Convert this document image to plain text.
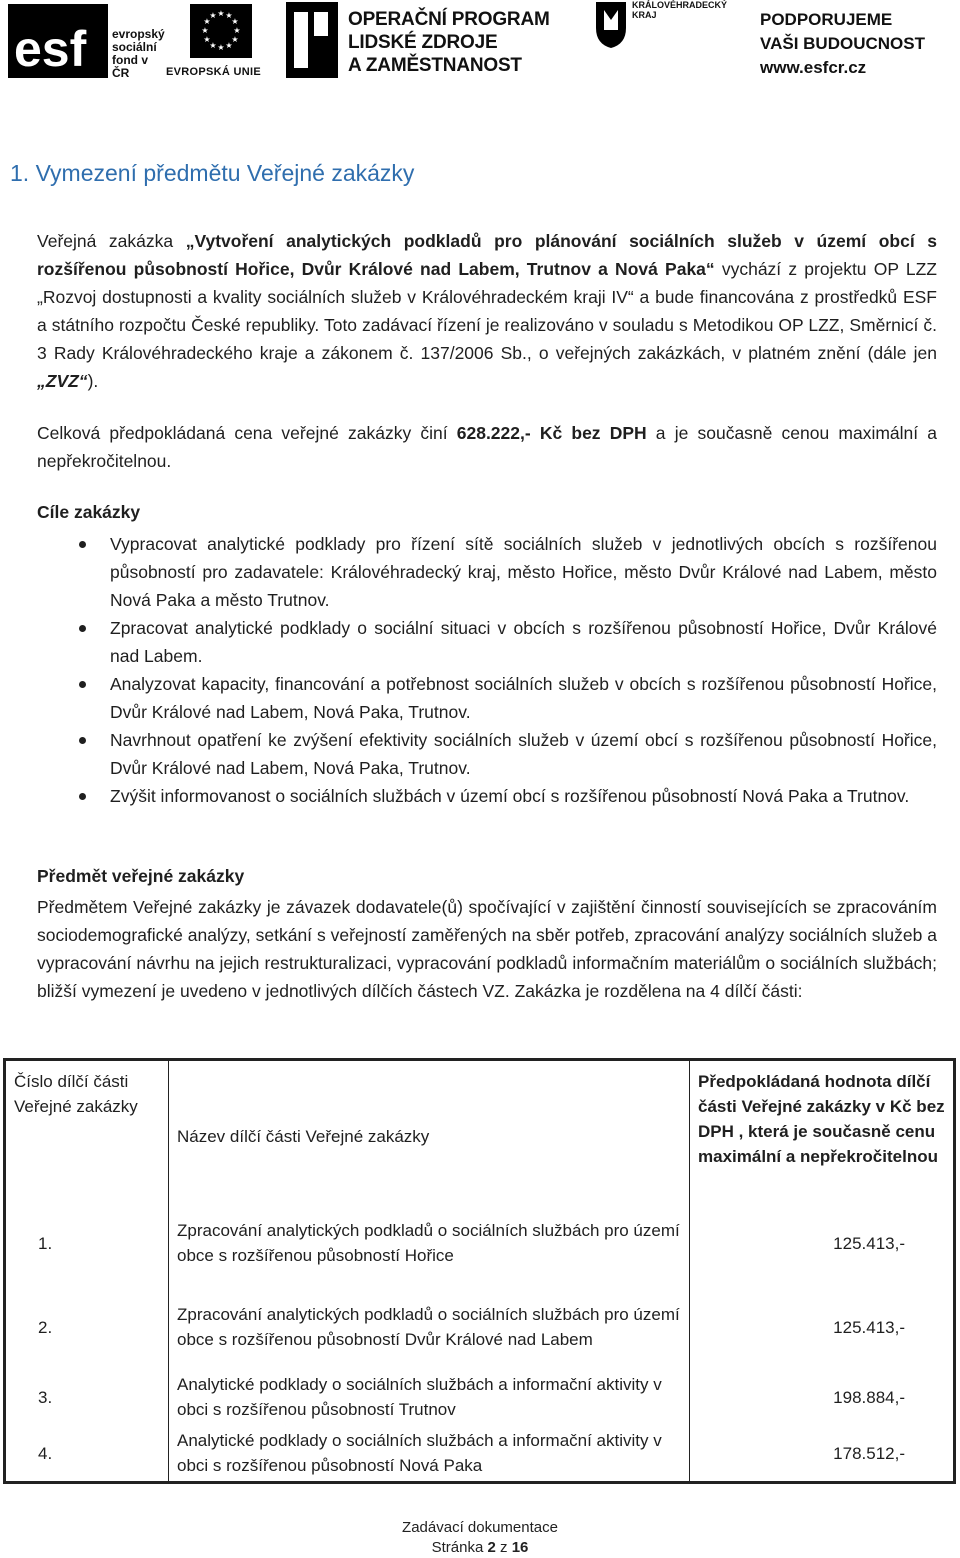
esf evropský
sociální
fond v ČR
★ ★
★
★
★
★
★
★
★
★
★
★
EVROPSKÁ UNIE
OPERAČNÍ PROGRAM
LIDSKÉ ZDROJE
A ZAMĚSTNANOST
KRÁLOVÉHRADECKÝ
KRAJ	PODPORUJEME
VAŠI BUDOUCNOST
www.esfcr.cz
1. Vymezení předmětu Veřejné zakázky
Veřejná zakázka „Vytvoření analytických podkladů pro plánování sociálních služeb v území obcí s rozšířenou působností Hořice, Dvůr Králové nad Labem, Trutnov a Nová Paka“ vychází z projektu OP LZZ „Rozvoj dostupnosti a kvality sociálních služeb v Královéhradeckém kraji IV“ a bude financována z prostředků ESF a státního rozpočtu České republiky. Toto zadávací řízení je realizováno v souladu s Metodikou OP LZZ, Směrnicí č. 3 Rady Královéhradeckého kraje a zákonem č. 137/2006 Sb., o veřejných zakázkách, v platném znění (dále jen „ZVZ“).
Celková předpokládaná cena veřejné zakázky činí 628.222,- Kč bez DPH a je současně cenou maximální a nepřekročitelnou.
Cíle zakázky
Vypracovat analytické podklady pro řízení sítě sociálních služeb v jednotlivých obcích s rozšířenou působností pro zadavatele: Královéhradecký kraj, město Hořice, město Dvůr Králové nad Labem, město Nová Paka a město Trutnov.
Zpracovat analytické podklady o sociální situaci v obcích s rozšířenou působností Hořice, Dvůr Králové nad Labem.
Analyzovat kapacity, financování a potřebnost sociálních služeb v obcích s rozšířenou působností Hořice, Dvůr Králové nad Labem, Nová Paka, Trutnov.
Navrhnout opatření ke zvýšení efektivity sociálních služeb v území obcí s rozšířenou působností Hořice, Dvůr Králové nad Labem, Nová Paka, Trutnov.
Zvýšit informovanost o sociálních službách v území obcí s rozšířenou působností Nová Paka a Trutnov.
Předmět veřejné zakázky
Předmětem Veřejné zakázky je závazek dodavatele(ů) spočívající v zajištění činností souvisejících se zpracováním sociodemografické analýzy, setkání s veřejností zaměřených na sběr potřeb, zpracování analýzy sociálních služeb a vypracování návrhu na jejich restrukturalizaci, vypracování podkladů informačním materiálům o sociálních službách; bližší vymezení je uvedeno v jednotlivých dílčích částech VZ. Zakázka je rozdělena na 4 dílčí části:
Číslo dílčí části Veřejné zakázky	Název dílčí části Veřejné zakázky	Předpokládaná hodnota dílčí části Veřejné zakázky v Kč bez DPH , která je současně cenu maximální a nepřekročitelnou
1.	Zpracování analytických podkladů o sociálních službách pro území obce s rozšířenou působností Hořice	125.413,-
2.	Zpracování analytických podkladů o sociálních službách pro území obce s rozšířenou působností Dvůr Králové nad Labem	125.413,-
3.	Analytické podklady o sociálních službách a informační aktivity v obci s rozšířenou působností Trutnov	198.884,-
4.	Analytické podklady o sociálních službách a informační aktivity v obci s rozšířenou působností Nová Paka	178.512,-
Zadávací dokumentace
Stránka 2 z 16
